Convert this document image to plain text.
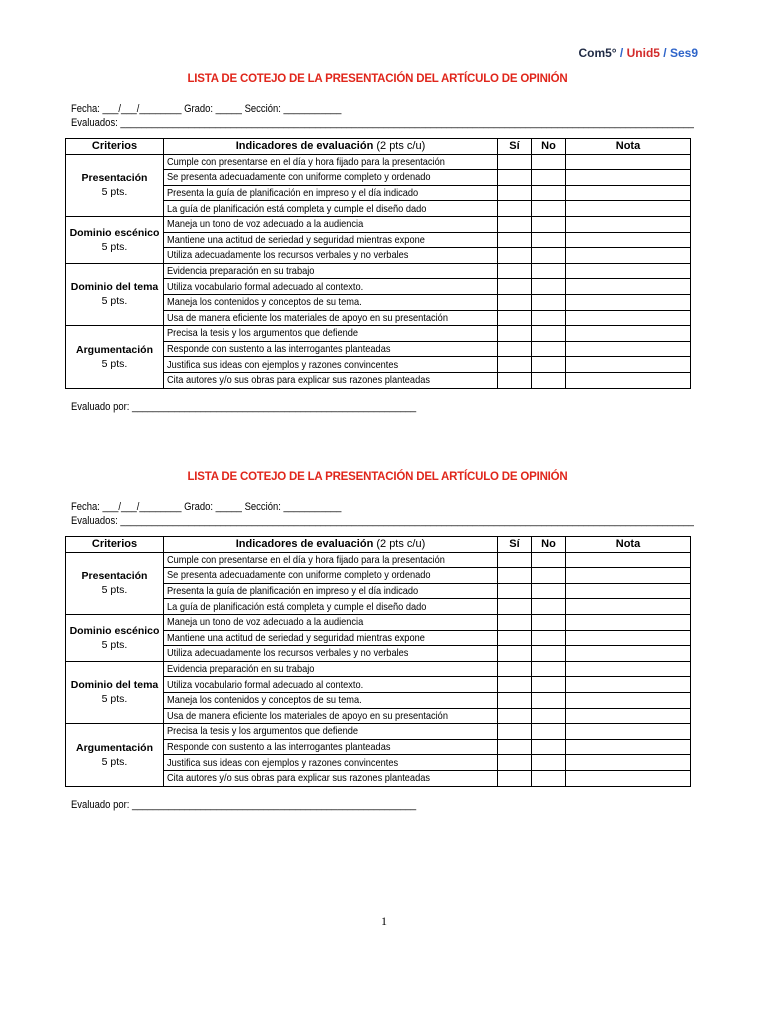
Com5° / Unid5 / Ses9
LISTA DE COTEJO DE LA PRESENTACIÓN DEL ARTÍCULO DE OPINIÓN
Fecha: ___/___/________ Grado: _____ Sección: ___________
Evaluados: _____________________________________________________________________________________________________________
Criterios	Indicadores de evaluación (2 pts c/u)	Sí	No	Nota
Presentación
5 pts.	Cumple con presentarse en el día y hora fijado para la presentación			
	Se presenta adecuadamente con uniforme completo y ordenado			
	Presenta la guía de planificación en impreso y el día indicado			
	La guía de planificación está completa y cumple el diseño dado			
Dominio escénico
5 pts.	Maneja un tono de voz adecuado a la audiencia			
	Mantiene una actitud de seriedad y seguridad mientras expone			
	Utiliza adecuadamente los recursos verbales y no verbales			
Dominio del tema
5 pts.	Evidencia preparación en su trabajo			
	Utiliza vocabulario formal adecuado al contexto.			
	Maneja los contenidos y conceptos de su tema.			
	Usa de manera eficiente los materiales de apoyo en su presentación			
Argumentación
5 pts.	Precisa la tesis y los argumentos que defiende			
	Responde con sustento a las interrogantes planteadas			
	Justifica sus ideas con ejemplos y razones convincentes			
	Cita autores y/o sus obras para explicar sus razones planteadas			
Evaluado por: ______________________________________________________
LISTA DE COTEJO DE LA PRESENTACIÓN DEL ARTÍCULO DE OPINIÓN
Fecha: ___/___/________ Grado: _____ Sección: ___________
Evaluados: _____________________________________________________________________________________________________________
Criterios	Indicadores de evaluación (2 pts c/u)	Sí	No	Nota
Presentación
5 pts.	Cumple con presentarse en el día y hora fijado para la presentación			
	Se presenta adecuadamente con uniforme completo y ordenado			
	Presenta la guía de planificación en impreso y el día indicado			
	La guía de planificación está completa y cumple el diseño dado			
Dominio escénico
5 pts.	Maneja un tono de voz adecuado a la audiencia			
	Mantiene una actitud de seriedad y seguridad mientras expone			
	Utiliza adecuadamente los recursos verbales y no verbales			
Dominio del tema
5 pts.	Evidencia preparación en su trabajo			
	Utiliza vocabulario formal adecuado al contexto.			
	Maneja los contenidos y conceptos de su tema.			
	Usa de manera eficiente los materiales de apoyo en su presentación			
Argumentación
5 pts.	Precisa la tesis y los argumentos que defiende			
	Responde con sustento a las interrogantes planteadas			
	Justifica sus ideas con ejemplos y razones convincentes			
	Cita autores y/o sus obras para explicar sus razones planteadas			
Evaluado por: ______________________________________________________
1
